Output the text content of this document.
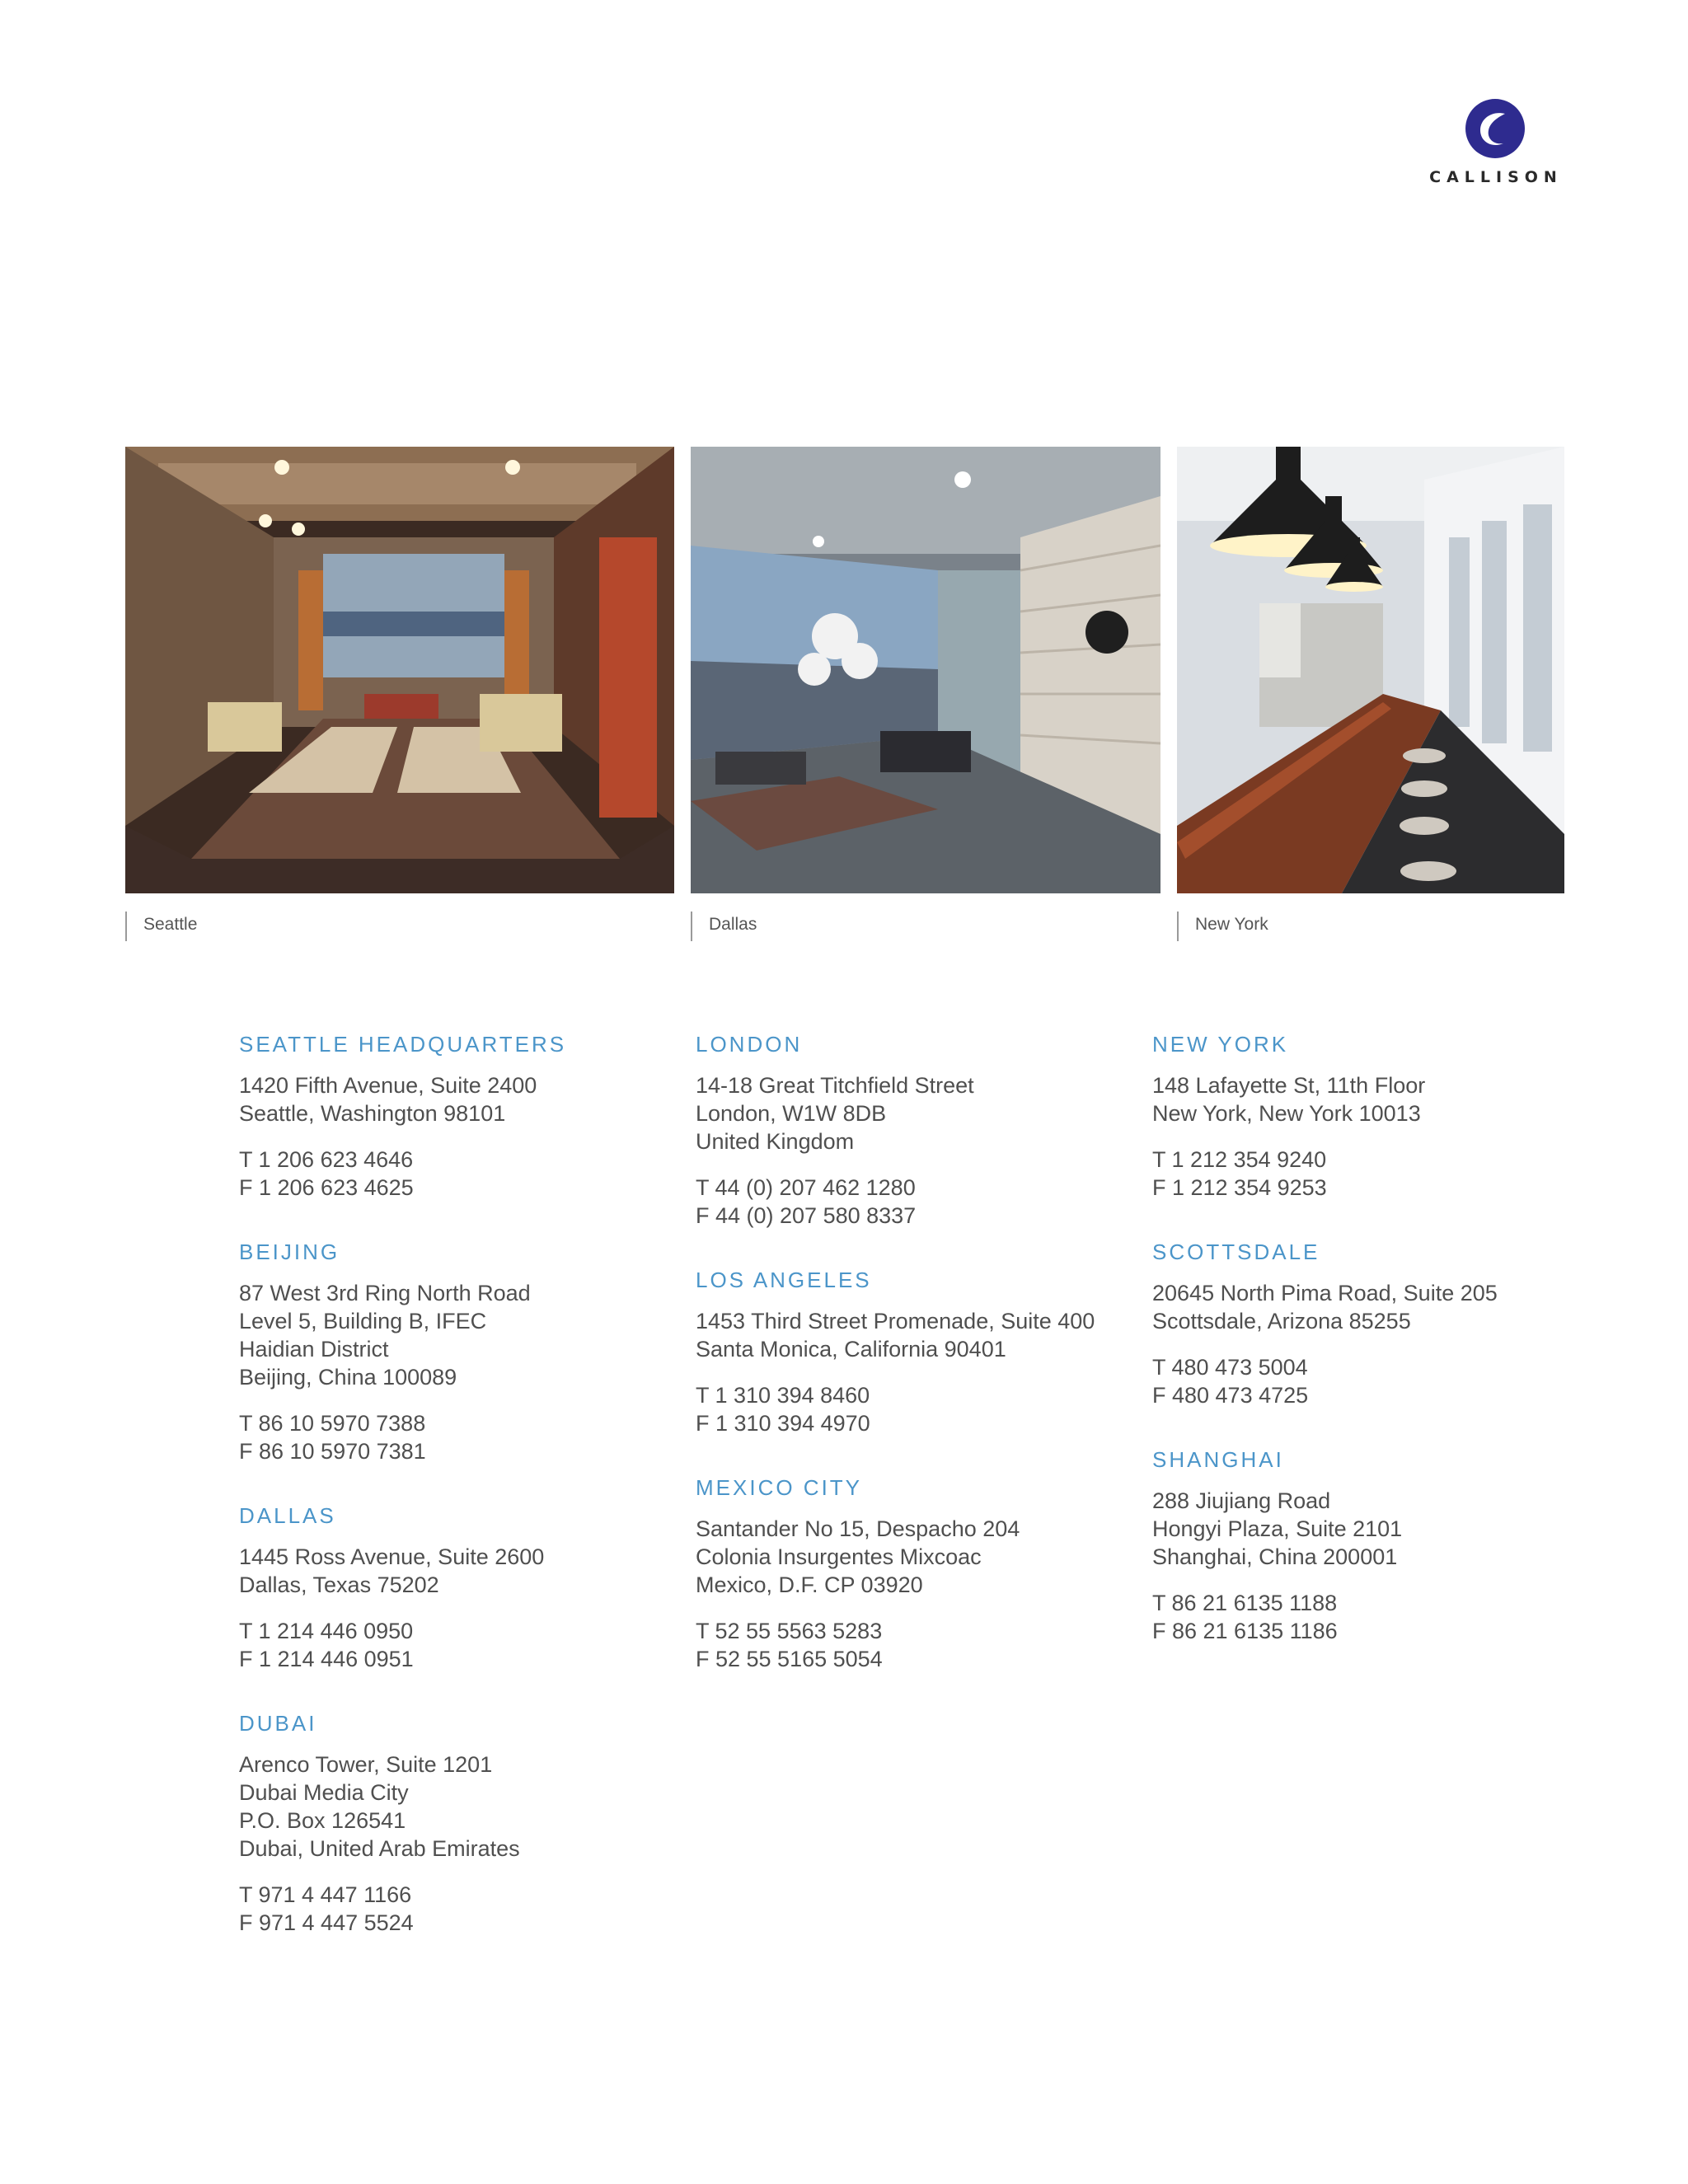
CALLISON
Seattle	Dallas	New York
SEATTLE HEADQUARTERS
1420 Fifth Avenue, Suite 2400
Seattle, Washington 98101
T 1 206 623 4646
F 1 206 623 4625
BEIJING
87 West 3rd Ring North Road
Level 5, Building B, IFEC
Haidian District
Beijing, China 100089
T 86 10 5970 7388
F 86 10 5970 7381
DALLAS
1445 Ross Avenue, Suite 2600
Dallas, Texas 75202
T 1 214 446 0950
F 1 214 446 0951
DUBAI
Arenco Tower, Suite 1201
Dubai Media City
P.O. Box 126541
Dubai, United Arab Emirates
T 971 4 447 1166
F 971 4 447 5524
LONDON
14-18 Great Titchfield Street
London, W1W 8DB
United Kingdom
T 44 (0) 207 462 1280
F 44 (0) 207 580 8337
LOS ANGELES
1453 Third Street Promenade, Suite 400
Santa Monica, California 90401
T 1 310 394 8460
F 1 310 394 4970
MEXICO CITY
Santander No 15, Despacho 204
Colonia Insurgentes Mixcoac
Mexico, D.F. CP 03920
T 52 55 5563 5283
F 52 55 5165 5054
NEW YORK
148 Lafayette St, 11th Floor
New York, New York 10013
T 1 212 354 9240
F 1 212 354 9253
SCOTTSDALE
20645 North Pima Road, Suite 205
Scottsdale, Arizona 85255
T 480 473 5004
F 480 473 4725
SHANGHAI
288 Jiujiang Road
Hongyi Plaza, Suite 2101
Shanghai, China 200001
T 86 21 6135 1188
F 86 21 6135 1186
